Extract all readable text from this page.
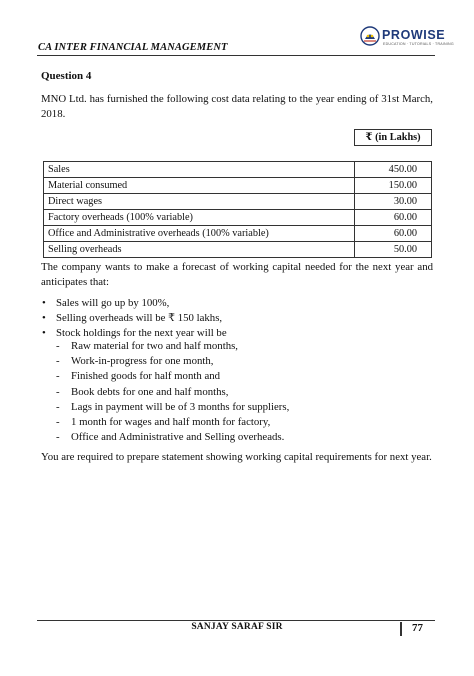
CA INTER FINANCIAL MANAGEMENT
PROWISE
EDUCATION · TUTORIALS · TRAINING
Question 4

MNO Ltd. has furnished the following cost data relating to the year ending of 31st March, 2018.

	₹ (in Lakhs)

Sales	450.00
Material consumed	150.00
Direct wages	30.00
Factory overheads (100% variable)	60.00
Office and Administrative overheads (100% variable)	60.00
Selling overheads	50.00

The company wants to make a forecast of working capital needed for the next year and anticipates that:

• Sales will go up by 100%,
• Selling overheads will be ₹ 150 lakhs,
• Stock holdings for the next year will be
- Raw material for two and half months,
- Work-in-progress for one month,
- Finished goods for half month and
- Book debts for one and half months,
- Lags in payment will be of 3 months for suppliers,
- 1 month for wages and half month for factory,
- Office and Administrative and Selling overheads.

You are required to prepare statement showing working capital requirements for next year.

SANJAY SARAF SIR	77
